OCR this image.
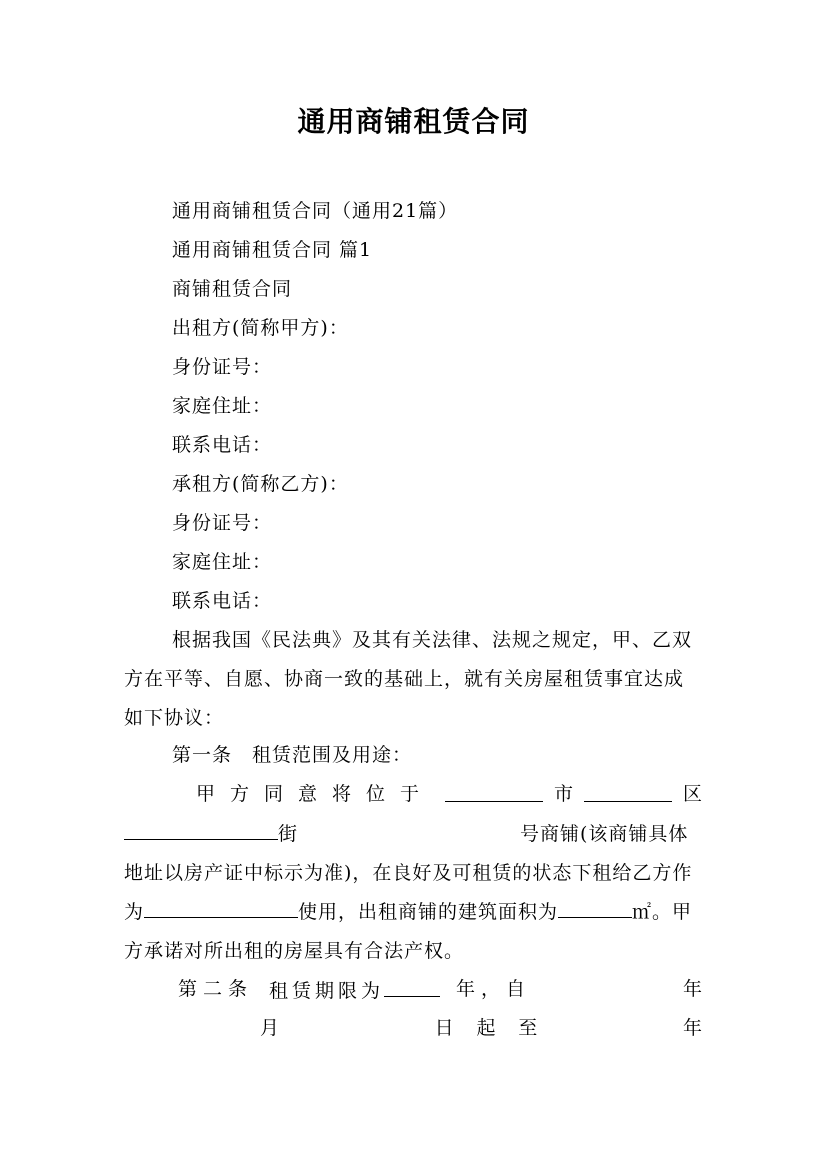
通用商铺租赁合同
通用商铺租赁合同（通用21篇）
通用商铺租赁合同 篇1
商铺租赁合同
出租方(简称甲方)：
身份证号：
家庭住址：
联系电话：
承租方(简称乙方)：
身份证号：
家庭住址：
联系电话：
根据我国《民法典》及其有关法律、法规之规定，甲、乙双方在平等、自愿、协商一致的基础上，就有关房屋租赁事宜达成如下协议：
第一条　租赁范围及用途：
甲方同意将位于	市	区
街	号商铺(该商铺具体地址以房产证中标示为准)，在良好及可租赁的状态下租给乙方作为	使用，出租商铺的建筑面积为	㎡。甲方承诺对所出租的房屋具有合法产权。
第二条 租赁期限为	年，自	年
月	日 起 至	年
